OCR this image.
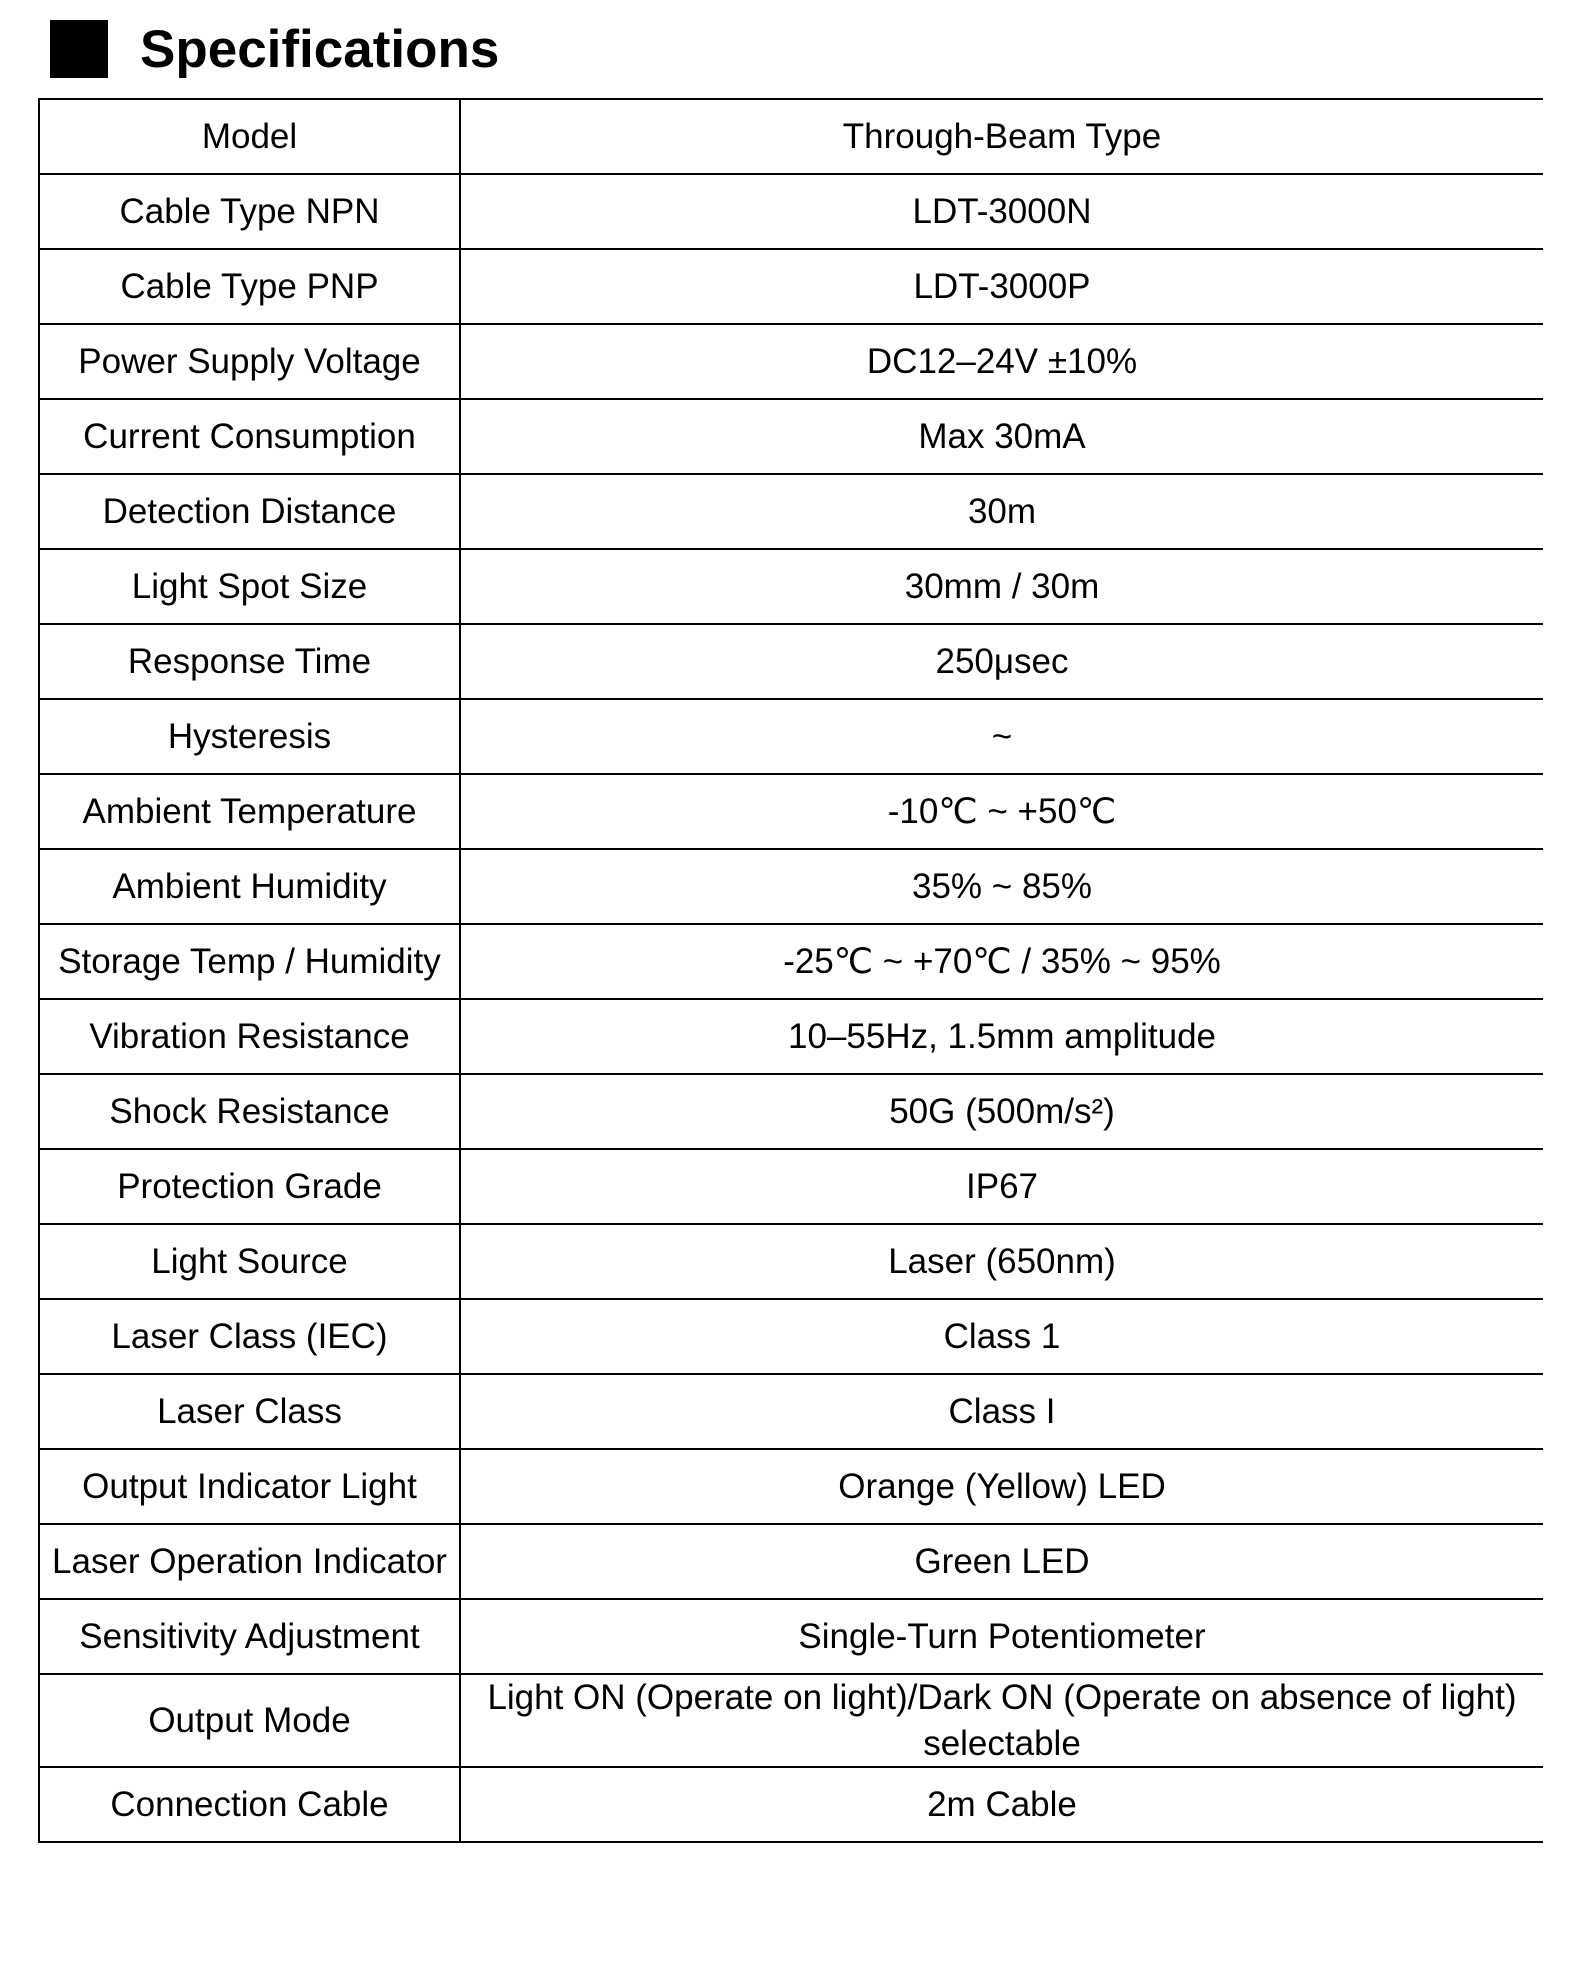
Specifications
Model	Through-Beam Type
Cable Type NPN	LDT-3000N
Cable Type PNP	LDT-3000P
Power Supply Voltage	DC12–24V ±10%
Current Consumption	Max 30mA
Detection Distance	30m
Light Spot Size	30mm / 30m
Response Time	250μsec
Hysteresis	~
Ambient Temperature	-10℃ ~ +50℃
Ambient Humidity	35% ~ 85%
Storage Temp / Humidity	-25℃ ~ +70℃ / 35% ~ 95%
Vibration Resistance	10–55Hz, 1.5mm amplitude
Shock Resistance	50G (500m/s²)
Protection Grade	IP67
Light Source	Laser (650nm)
Laser Class (IEC)	Class 1
Laser Class	Class I
Output Indicator Light	Orange (Yellow) LED
Laser Operation Indicator	Green LED
Sensitivity Adjustment	Single-Turn Potentiometer
Output Mode	Light ON (Operate on light)/Dark ON (Operate on absence of light) selectable
Connection Cable	2m Cable
